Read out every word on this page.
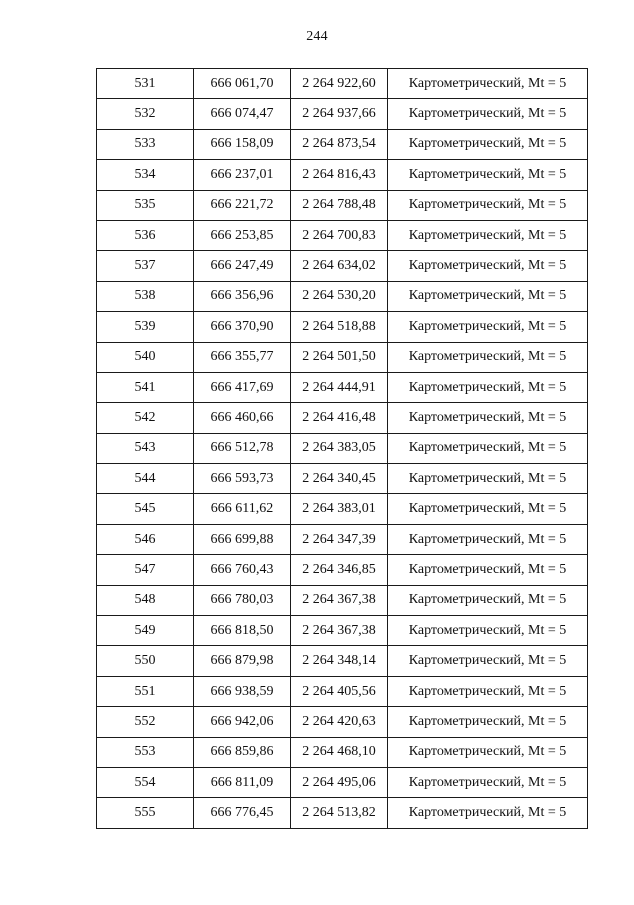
244
531	666 061,70	2 264 922,60	Картометрический, Mt = 5
532	666 074,47	2 264 937,66	Картометрический, Mt = 5
533	666 158,09	2 264 873,54	Картометрический, Mt = 5
534	666 237,01	2 264 816,43	Картометрический, Mt = 5
535	666 221,72	2 264 788,48	Картометрический, Mt = 5
536	666 253,85	2 264 700,83	Картометрический, Mt = 5
537	666 247,49	2 264 634,02	Картометрический, Mt = 5
538	666 356,96	2 264 530,20	Картометрический, Mt = 5
539	666 370,90	2 264 518,88	Картометрический, Mt = 5
540	666 355,77	2 264 501,50	Картометрический, Mt = 5
541	666 417,69	2 264 444,91	Картометрический, Mt = 5
542	666 460,66	2 264 416,48	Картометрический, Mt = 5
543	666 512,78	2 264 383,05	Картометрический, Mt = 5
544	666 593,73	2 264 340,45	Картометрический, Mt = 5
545	666 611,62	2 264 383,01	Картометрический, Mt = 5
546	666 699,88	2 264 347,39	Картометрический, Mt = 5
547	666 760,43	2 264 346,85	Картометрический, Mt = 5
548	666 780,03	2 264 367,38	Картометрический, Mt = 5
549	666 818,50	2 264 367,38	Картометрический, Mt = 5
550	666 879,98	2 264 348,14	Картометрический, Mt = 5
551	666 938,59	2 264 405,56	Картометрический, Mt = 5
552	666 942,06	2 264 420,63	Картометрический, Mt = 5
553	666 859,86	2 264 468,10	Картометрический, Mt = 5
554	666 811,09	2 264 495,06	Картометрический, Mt = 5
555	666 776,45	2 264 513,82	Картометрический, Mt = 5
